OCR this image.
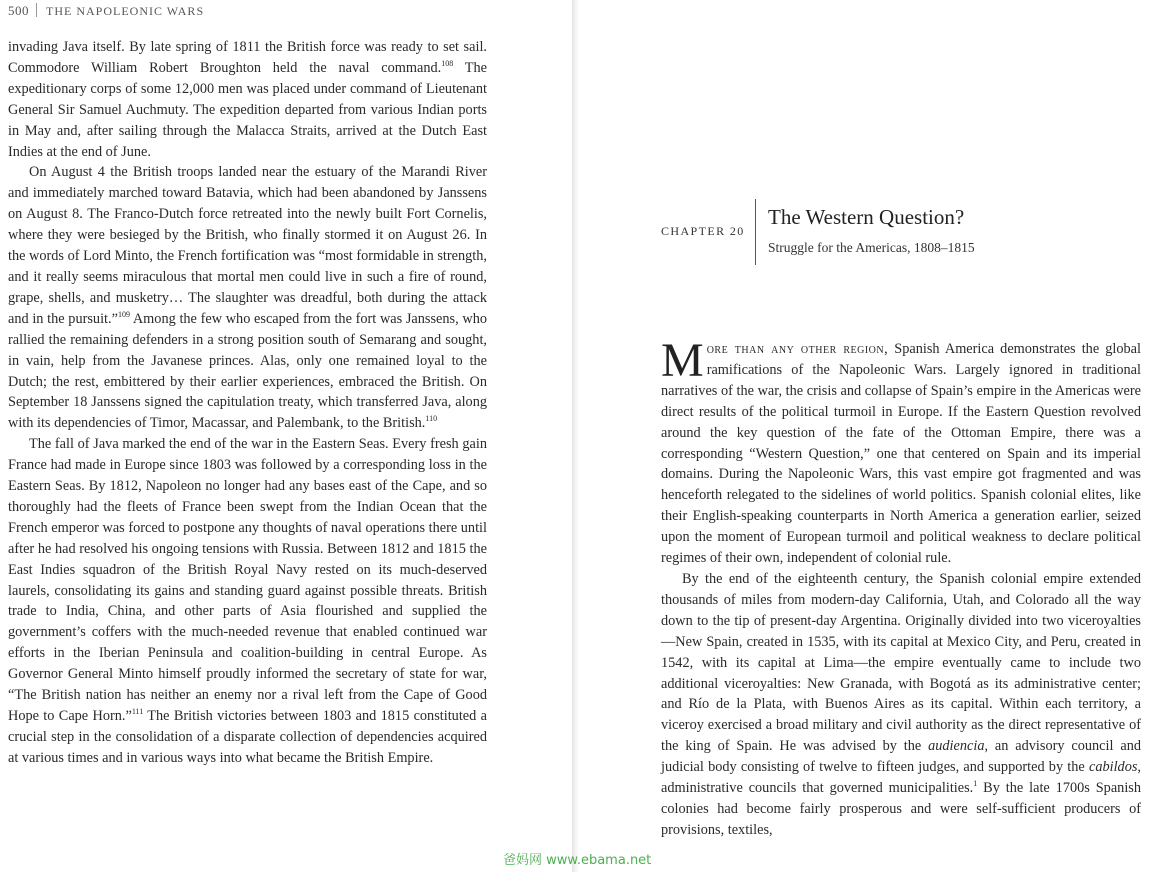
500 THE NAPOLEONIC WARS

invading Java itself. By late spring of 1811 the British force was ready to set sail. Commodore William Robert Broughton held the naval command.$^{108}$ The expeditionary corps of some 12,000 men was placed under command of Lieutenant General Sir Samuel Auchmuty. The expedition departed from various Indian ports in May and, after sailing through the Malacca Straits, arrived at the Dutch East Indies at the end of June.

On August 4 the British troops landed near the estuary of the Marandi River and immediately marched toward Batavia, which had been abandoned by Janssens on August 8. The Franco-Dutch force retreated into the newly built Fort Cornelis, where they were besieged by the British, who finally stormed it on August 26. In the words of Lord Minto, the French fortification was “most formidable in strength, and it really seems miraculous that mortal men could live in such a fire of round, grape, shells, and musketry… The slaughter was dreadful, both during the attack and in the pursuit.”$^{109}$ Among the few who escaped from the fort was Janssens, who rallied the remaining defenders in a strong position south of Semarang and sought, in vain, help from the Javanese princes. Alas, only one remained loyal to the Dutch; the rest, embittered by their earlier experiences, embraced the British. On September 18 Janssens signed the capitulation treaty, which transferred Java, along with its dependencies of Timor, Macassar, and Palembank, to the British.$^{110}$

The fall of Java marked the end of the war in the Eastern Seas. Every fresh gain France had made in Europe since 1803 was followed by a corresponding loss in the Eastern Seas. By 1812, Napoleon no longer had any bases east of the Cape, and so thoroughly had the fleets of France been swept from the Indian Ocean that the French emperor was forced to postpone any thoughts of naval operations there until after he had resolved his ongoing tensions with Russia. Between 1812 and 1815 the East Indies squadron of the British Royal Navy rested on its much-deserved laurels, consolidating its gains and standing guard against possible threats. British trade to India, China, and other parts of Asia flourished and supplied the government’s coffers with the much-needed revenue that enabled continued war efforts in the Iberian Peninsula and coalition-building in central Europe. As Governor General Minto himself proudly informed the secretary of state for war, “The British nation has neither an enemy nor a rival left from the Cape of Good Hope to Cape Horn.”$^{111}$ The British victories between 1803 and 1815 constituted a crucial step in the consolidation of a disparate collection of dependencies acquired at various times and in various ways into what became the British Empire.

CHAPTER 20
The Western Question?
Struggle for the Americas, 1808–1815

More than any other region, Spanish America demonstrates the global ramifications of the Napoleonic Wars. Largely ignored in traditional narratives of the war, the crisis and collapse of Spain’s empire in the Americas were direct results of the political turmoil in Europe. If the Eastern Question revolved around the key question of the fate of the Ottoman Empire, there was a corresponding “Western Question,” one that centered on Spain and its imperial domains. During the Napoleonic Wars, this vast empire got fragmented and was henceforth relegated to the sidelines of world politics. Spanish colonial elites, like their English-speaking counterparts in North America a generation earlier, seized upon the moment of European turmoil and political weakness to declare political regimes of their own, independent of colonial rule.

By the end of the eighteenth century, the Spanish colonial empire extended thousands of miles from modern-day California, Utah, and Colorado all the way down to the tip of present-day Argentina. Originally divided into two viceroyalties—New Spain, created in 1535, with its capital at Mexico City, and Peru, created in 1542, with its capital at Lima—the empire eventually came to include two additional viceroyalties: New Granada, with Bogotá as its administrative center; and Río de la Plata, with Buenos Aires as its capital. Within each territory, a viceroy exercised a broad military and civil authority as the direct representative of the king of Spain. He was advised by the audiencia, an advisory council and judicial body consisting of twelve to fifteen judges, and supported by the cabildos, administrative councils that governed municipalities.$^1$ By the late 1700s Spanish colonies had become fairly prosperous and were self-sufficient producers of provisions, textiles,

爸妈网 www.ebama.net
